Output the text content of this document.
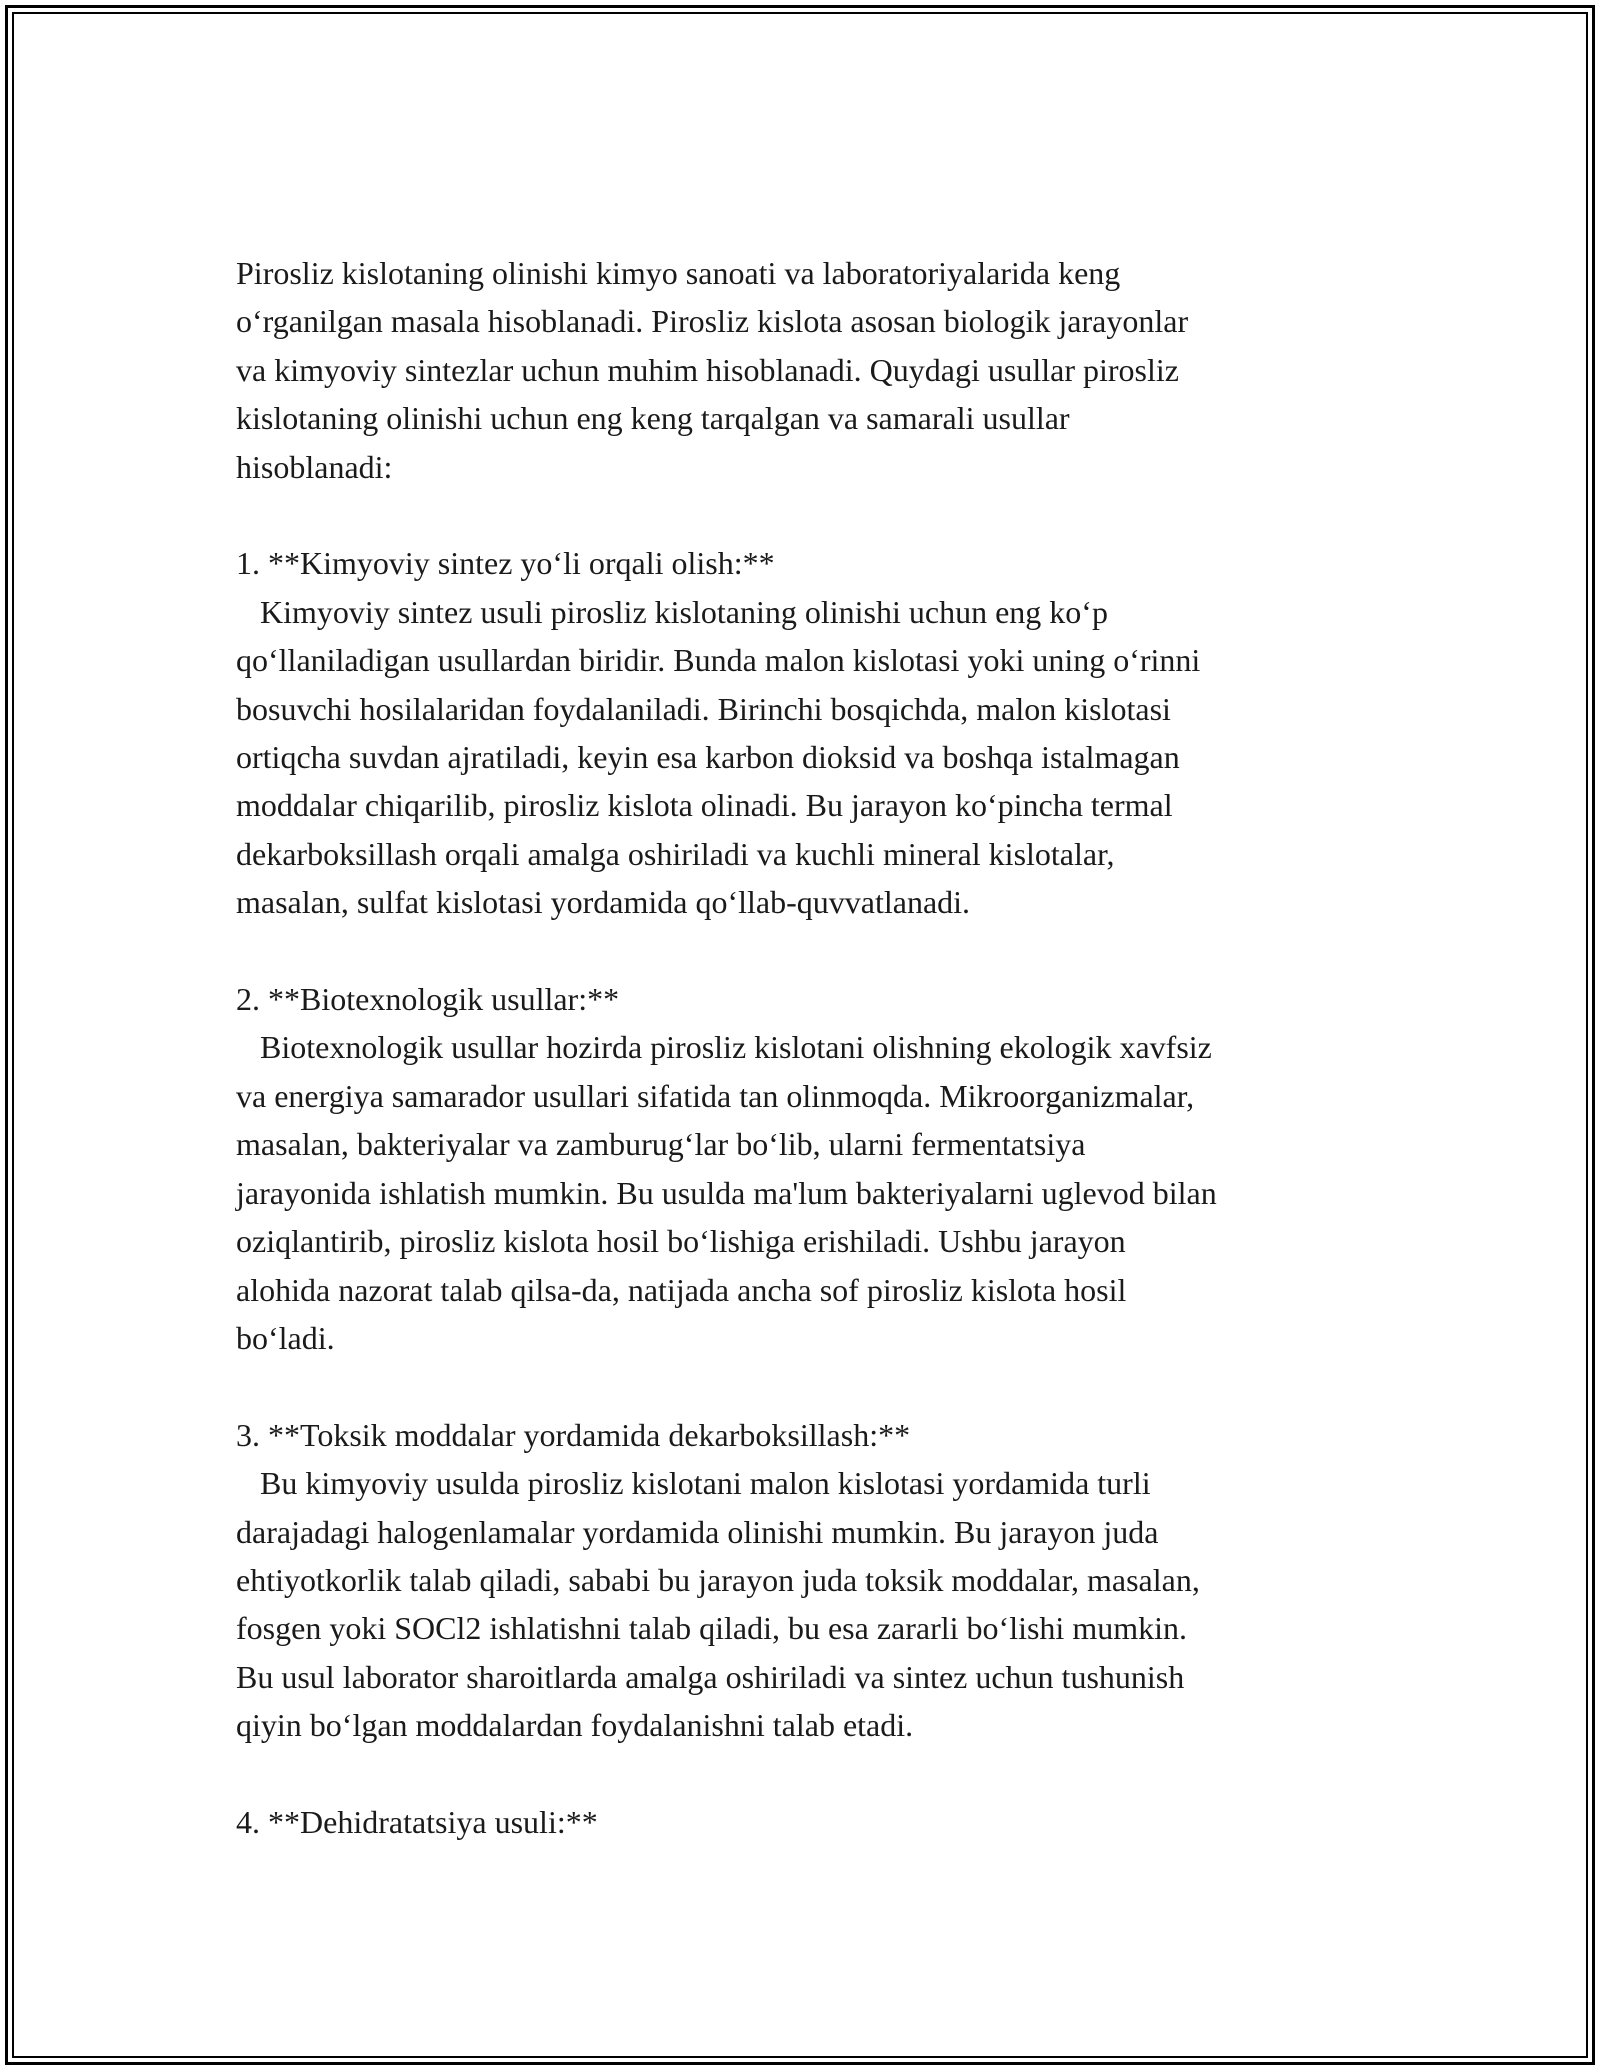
Pirosliz kislotaning olinishi kimyo sanoati va laboratoriyalarida keng
o‘rganilgan masala hisoblanadi. Pirosliz kislota asosan biologik jarayonlar
va kimyoviy sintezlar uchun muhim hisoblanadi. Quydagi usullar pirosliz
kislotaning olinishi uchun eng keng tarqalgan va samarali usullar
hisoblanadi:

1. **Kimyoviy sintez yo‘li orqali olish:**

Kimyoviy sintez usuli pirosliz kislotaning olinishi uchun eng ko‘p
qo‘llaniladigan usullardan biridir. Bunda malon kislotasi yoki uning o‘rinni
bosuvchi hosilalaridan foydalaniladi. Birinchi bosqichda, malon kislotasi
ortiqcha suvdan ajratiladi, keyin esa karbon dioksid va boshqa istalmagan
moddalar chiqarilib, pirosliz kislota olinadi. Bu jarayon ko‘pincha termal
dekarboksillash orqali amalga oshiriladi va kuchli mineral kislotalar,
masalan, sulfat kislotasi yordamida qo‘llab-quvvatlanadi.

2. **Biotexnologik usullar:**

Biotexnologik usullar hozirda pirosliz kislotani olishning ekologik xavfsiz
va energiya samarador usullari sifatida tan olinmoqda. Mikroorganizmalar,
masalan, bakteriyalar va zamburug‘lar bo‘lib, ularni fermentatsiya
jarayonida ishlatish mumkin. Bu usulda ma'lum bakteriyalarni uglevod bilan
oziqlantirib, pirosliz kislota hosil bo‘lishiga erishiladi. Ushbu jarayon
alohida nazorat talab qilsa-da, natijada ancha sof pirosliz kislota hosil
bo‘ladi.

3. **Toksik moddalar yordamida dekarboksillash:**

Bu kimyoviy usulda pirosliz kislotani malon kislotasi yordamida turli
darajadagi halogenlamalar yordamida olinishi mumkin. Bu jarayon juda
ehtiyotkorlik talab qiladi, sababi bu jarayon juda toksik moddalar, masalan,
fosgen yoki SOCl2 ishlatishni talab qiladi, bu esa zararli bo‘lishi mumkin.
Bu usul laborator sharoitlarda amalga oshiriladi va sintez uchun tushunish
qiyin bo‘lgan moddalardan foydalanishni talab etadi.

4. **Dehidratatsiya usuli:**
